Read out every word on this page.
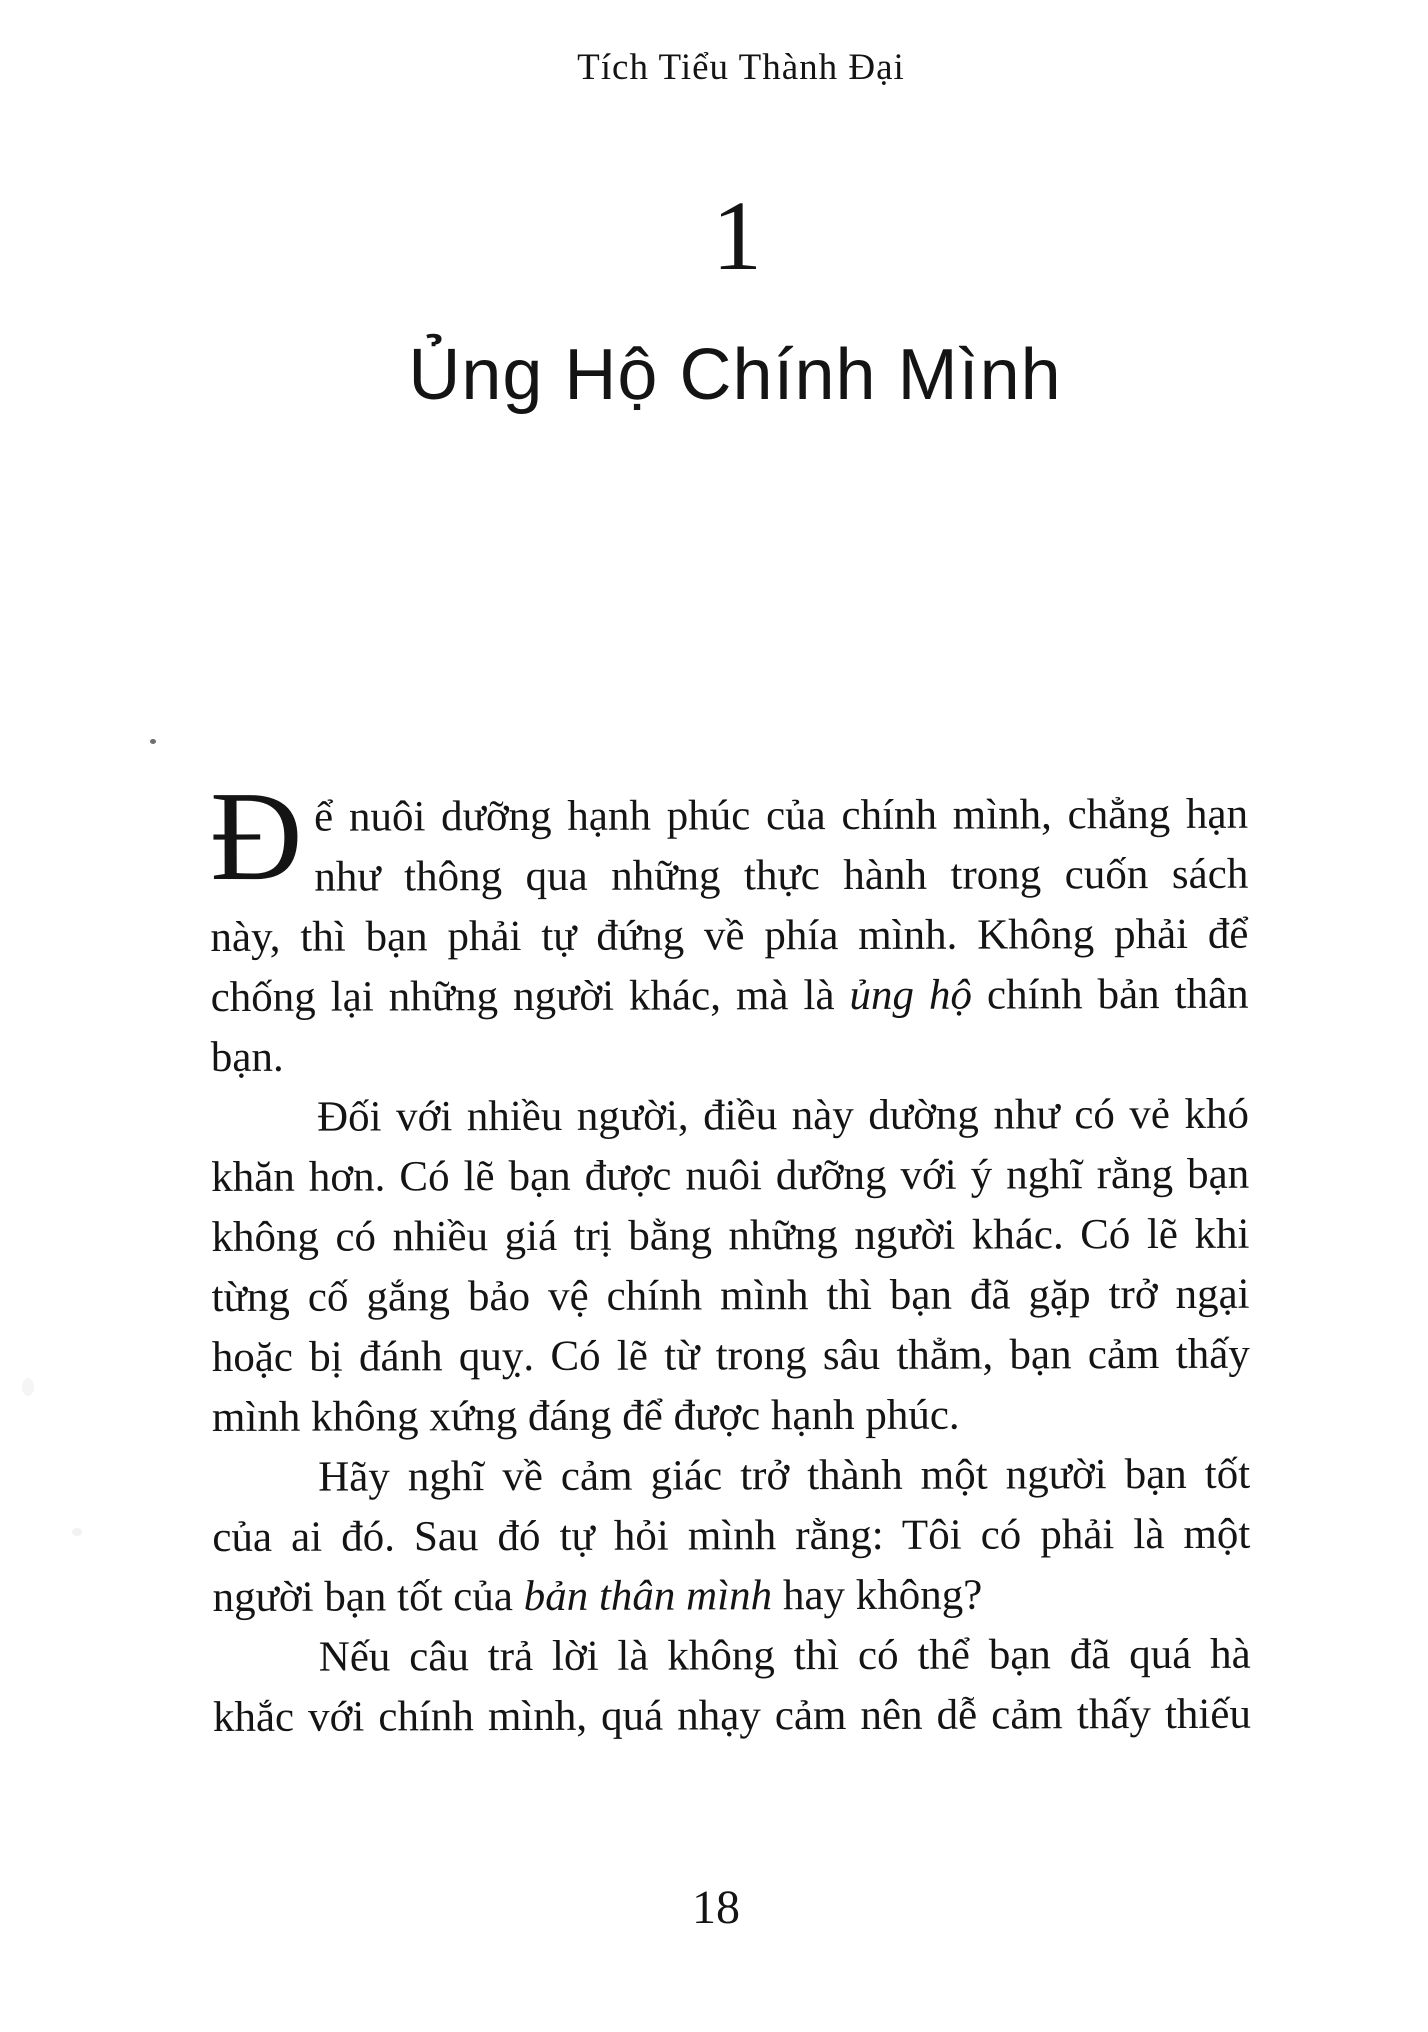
Tích Tiểu Thành Đại
1
Ủng Hộ Chính Mình
Đ ể nuôi dưỡng hạnh phúc của chính mình, chẳng hạn
như thông qua những thực hành trong cuốn sách
này, thì bạn phải tự đứng về phía mình. Không phải để
chống lại những người khác, mà là ủng hộ chính bản thân
bạn.
Đối với nhiều người, điều này dường như có vẻ khó
khăn hơn. Có lẽ bạn được nuôi dưỡng với ý nghĩ rằng bạn
không có nhiều giá trị bằng những người khác. Có lẽ khi
từng cố gắng bảo vệ chính mình thì bạn đã gặp trở ngại
hoặc bị đánh quỵ. Có lẽ từ trong sâu thẳm, bạn cảm thấy
mình không xứng đáng để được hạnh phúc.
Hãy nghĩ về cảm giác trở thành một người bạn tốt
của ai đó. Sau đó tự hỏi mình rằng: Tôi có phải là một
người bạn tốt của bản thân mình hay không?
Nếu câu trả lời là không thì có thể bạn đã quá hà
khắc với chính mình, quá nhạy cảm nên dễ cảm thấy thiếu
18
